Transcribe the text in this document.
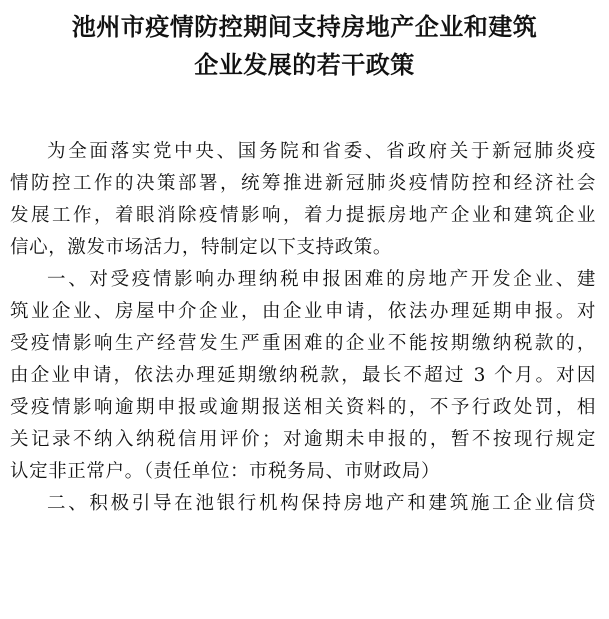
池州市疫情防控期间支持房地产企业和建筑
企业发展的若干政策

为全面落实党中央、国务院和省委、省政府关于新冠肺炎疫
情防控工作的决策部署，统筹推进新冠肺炎疫情防控和经济社会
发展工作，着眼消除疫情影响，着力提振房地产企业和建筑企业
信心，激发市场活力，特制定以下支持政策。

一、对受疫情影响办理纳税申报困难的房地产开发企业、建
筑业企业、房屋中介企业，由企业申请，依法办理延期申报。对
受疫情影响生产经营发生严重困难的企业不能按期缴纳税款的，
由企业申请，依法办理延期缴纳税款，最长不超过 3 个月。对因
受疫情影响逾期申报或逾期报送相关资料的，不予行政处罚，相
关记录不纳入纳税信用评价；对逾期未申报的，暂不按现行规定
认定非正常户。（责任单位：市税务局、市财政局）

二、积极引导在池银行机构保持房地产和建筑施工企业信贷
